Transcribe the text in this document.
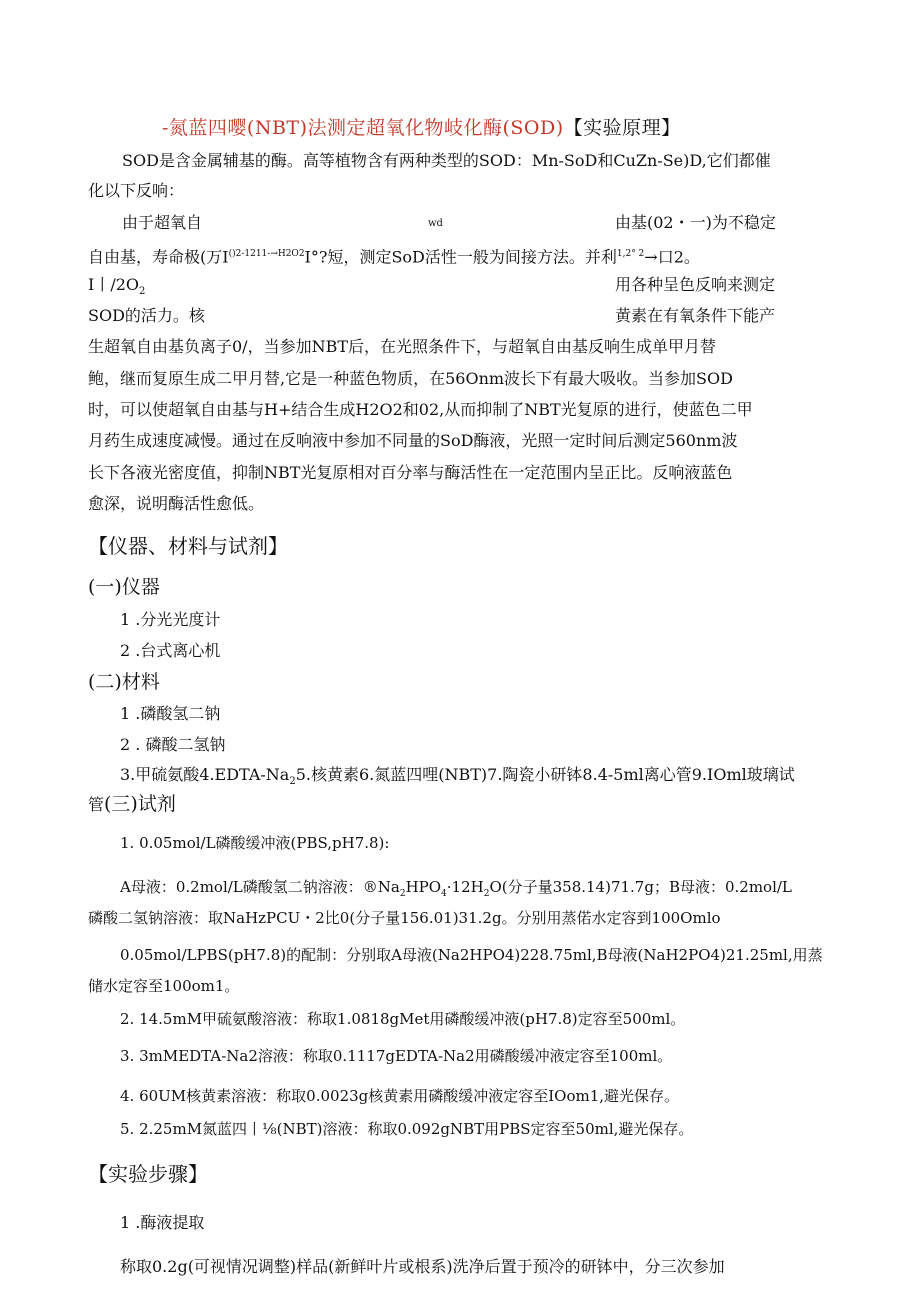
-氮蓝四嘤(NBT)法测定超氧化物岐化酶(SOD)【实验原理】
SOD是含金属辅基的酶。高等植物含有两种类型的SOD：Mn-SoD和CuZn-Se)D,它们都催
化以下反响：
由于超氧自	wd	由基(02・一)为不稳定
自由基，寿命极(万$I^{()2-1211-\to H2O2}I^\circ$?短，测定SoD活性一般为间接方法。并利$^{1,2^\circ 2}$→口2。
I丨$/2O_2$	用各种呈色反响来测定
SOD的活力。核	黄素在有氧条件下能产
生超氧自由基负离子0/，当参加NBT后，在光照条件下，与超氧自由基反响生成单甲月替
鲍，继而复原生成二甲月替,它是一种蓝色物质，在56Onm波长下有最大吸收。当参加SOD
时，可以使超氧自由基与H+结合生成H2O2和02,从而抑制了NBT光复原的进行，使蓝色二甲
月药生成速度减慢。通过在反响液中参加不同量的SoD酶液，光照一定时间后测定560nm波
长下各液光密度值，抑制NBT光复原相对百分率与酶活性在一定范围内呈正比。反响液蓝色
愈深，说明酶活性愈低。
【仪器、材料与试剂】
(一)仪器
1 .分光光度计
2 .台式离心机
(二)材料
1 .磷酸氢二钠
2 . 磷酸二氢钠
3.甲硫氨酸$4.EDTA-Na_25$.核黄素6.氮蓝四哩(NBT)7.陶瓷小研钵8.4-5ml离心管9.IOml玻璃试
管(三)试剂
1. 0.05mol/L磷酸缓冲液(PBS,pH7.8):
A母液：0.2mol/L磷酸氢二钠溶液：$®Na_2HPO_4\cdot 12H_2O$(分子量358.14)71.7g；B母液：0.2mol/L
磷酸二氢钠溶液：取NaHzPCU・2比0(分子量156.01)31.2g。分别用蒸偌水定容到100Omlo
0.05mol/LPBS(pH7.8)的配制：分别取A母液(Na2HPO4)228.75ml,B母液(NaH2PO4)21.25ml,用蒸
储水定容至100om1。
2. 14.5mM甲硫氨酸溶液：称取1.0818gMet用磷酸缓冲液(pH7.8)定容至500ml。
3. 3mMEDTA-Na2溶液：称取0.1117gEDTA-Na2用磷酸缓冲液定容至100ml。
4. 60UM核黄素溶液：称取0.0023g核黄素用磷酸缓冲液定容至IOom1,避光保存。
5. 2.25mM氮蓝四丨⅛(NBT)溶液：称取0.092gNBT用PBS定容至50ml,避光保存。
【实验步骤】
1 .酶液提取
称取0.2g(可视情况调整)样品(新鲜叶片或根系)洗净后置于预冷的研钵中，分三次参加
